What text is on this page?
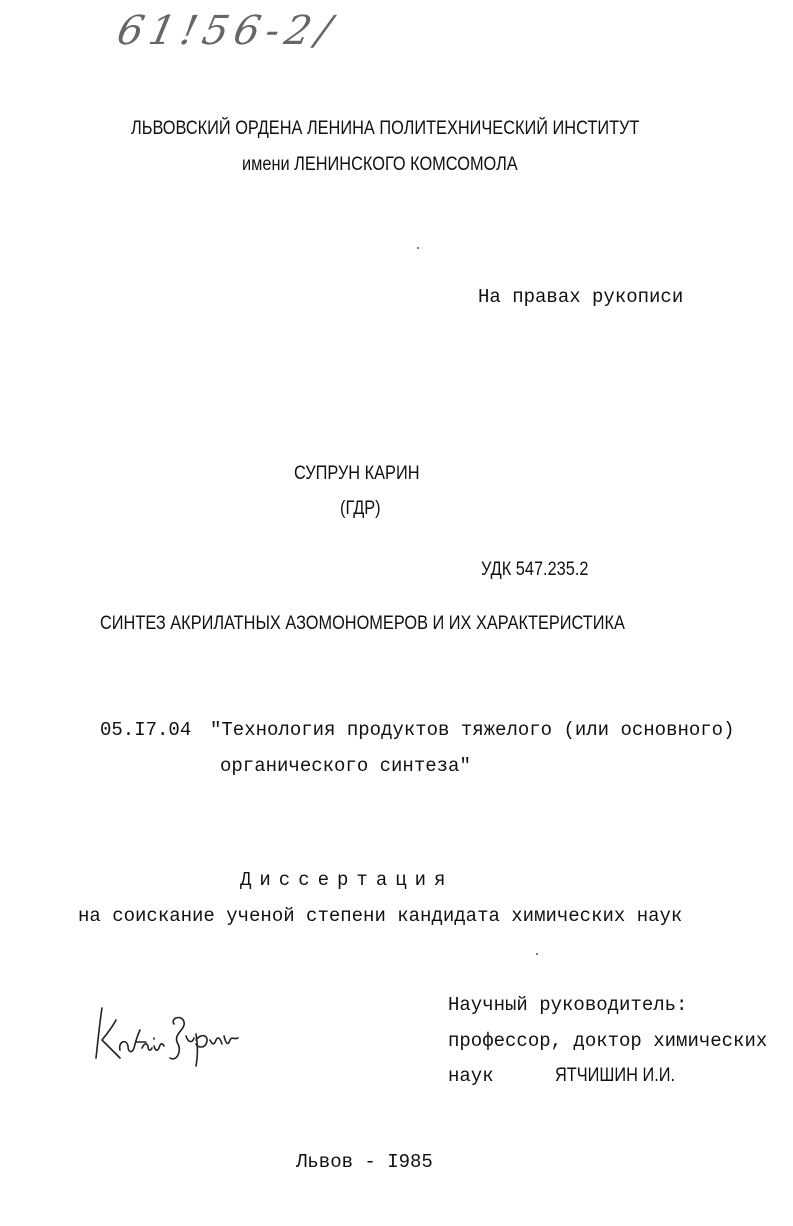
61!56-2/
ЛЬВОВСКИЙ ОРДЕНА ЛЕНИНА ПОЛИТЕХНИЧЕСКИЙ ИНСТИТУТ
имени ЛЕНИНСКОГО КОМСОМОЛА
На правах рукописи
СУПРУН КАРИН
(ГДР)
УДК 547.235.2
СИНТЕЗ АКРИЛАТНЫХ АЗОМОНОМЕРОВ И ИХ ХАРАКТЕРИСТИКА
05.I7.04 "Технология продуктов тяжелого (или основного)
органического синтеза"
Диссертация
на соискание ученой степени кандидата химических наук
Научный руководитель:
профессор, доктор химических
наук	ЯТЧИШИН И.И.
Львов - I985
